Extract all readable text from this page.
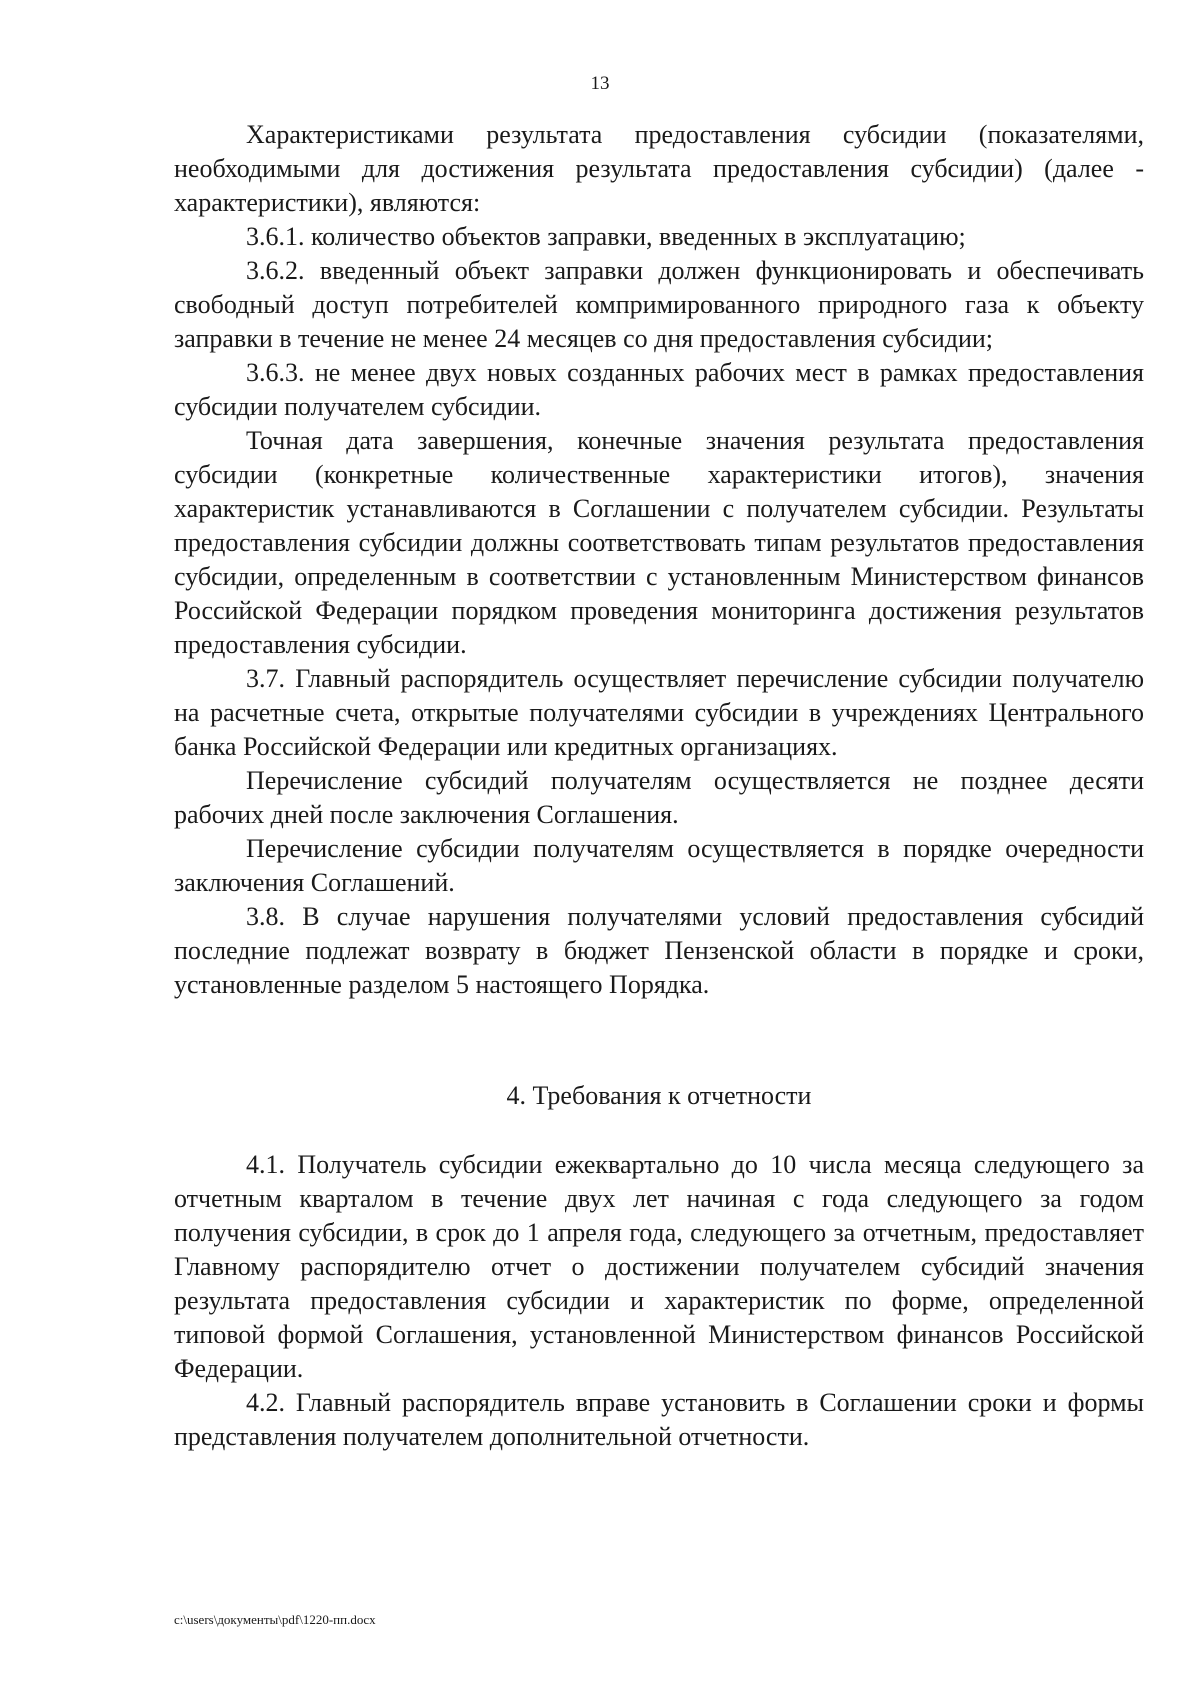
13

Характеристиками результата предоставления субсидии (показателями, необходимыми для достижения результата предоставления субсидии) (далее - характеристики), являются:

3.6.1. количество объектов заправки, введенных в эксплуатацию;

3.6.2. введенный объект заправки должен функционировать и обеспечивать свободный доступ потребителей компримированного природного газа к объекту заправки в течение не менее 24 месяцев со дня предоставления субсидии;

3.6.3. не менее двух новых созданных рабочих мест в рамках предоставления субсидии получателем субсидии.

Точная дата завершения, конечные значения результата предоставления субсидии (конкретные количественные характеристики итогов), значения характеристик устанавливаются в Соглашении с получателем субсидии. Результаты предоставления субсидии должны соответствовать типам результатов предоставления субсидии, определенным в соответствии с установленным Министерством финансов Российской Федерации порядком проведения мониторинга достижения результатов предоставления субсидии.

3.7. Главный распорядитель осуществляет перечисление субсидии получателю на расчетные счета, открытые получателями субсидии в учреждениях Центрального банка Российской Федерации или кредитных организациях.

Перечисление субсидий получателям осуществляется не позднее десяти рабочих дней после заключения Соглашения.

Перечисление субсидии получателям осуществляется в порядке очередности заключения Соглашений.

3.8. В случае нарушения получателями условий предоставления субсидий последние подлежат возврату в бюджет Пензенской области в порядке и сроки, установленные разделом 5 настоящего Порядка.

4. Требования к отчетности

4.1. Получатель субсидии ежеквартально до 10 числа месяца следующего за отчетным кварталом в течение двух лет начиная с года следующего за годом получения субсидии, в срок до 1 апреля года, следующего за отчетным, предоставляет Главному распорядителю отчет о достижении получателем субсидий значения результата предоставления субсидии и характеристик по форме, определенной типовой формой Соглашения, установленной Министерством финансов Российской Федерации.

4.2. Главный распорядитель вправе установить в Соглашении сроки и формы представления получателем дополнительной отчетности.

c:\users\документы\pdf\1220-пп.docx
